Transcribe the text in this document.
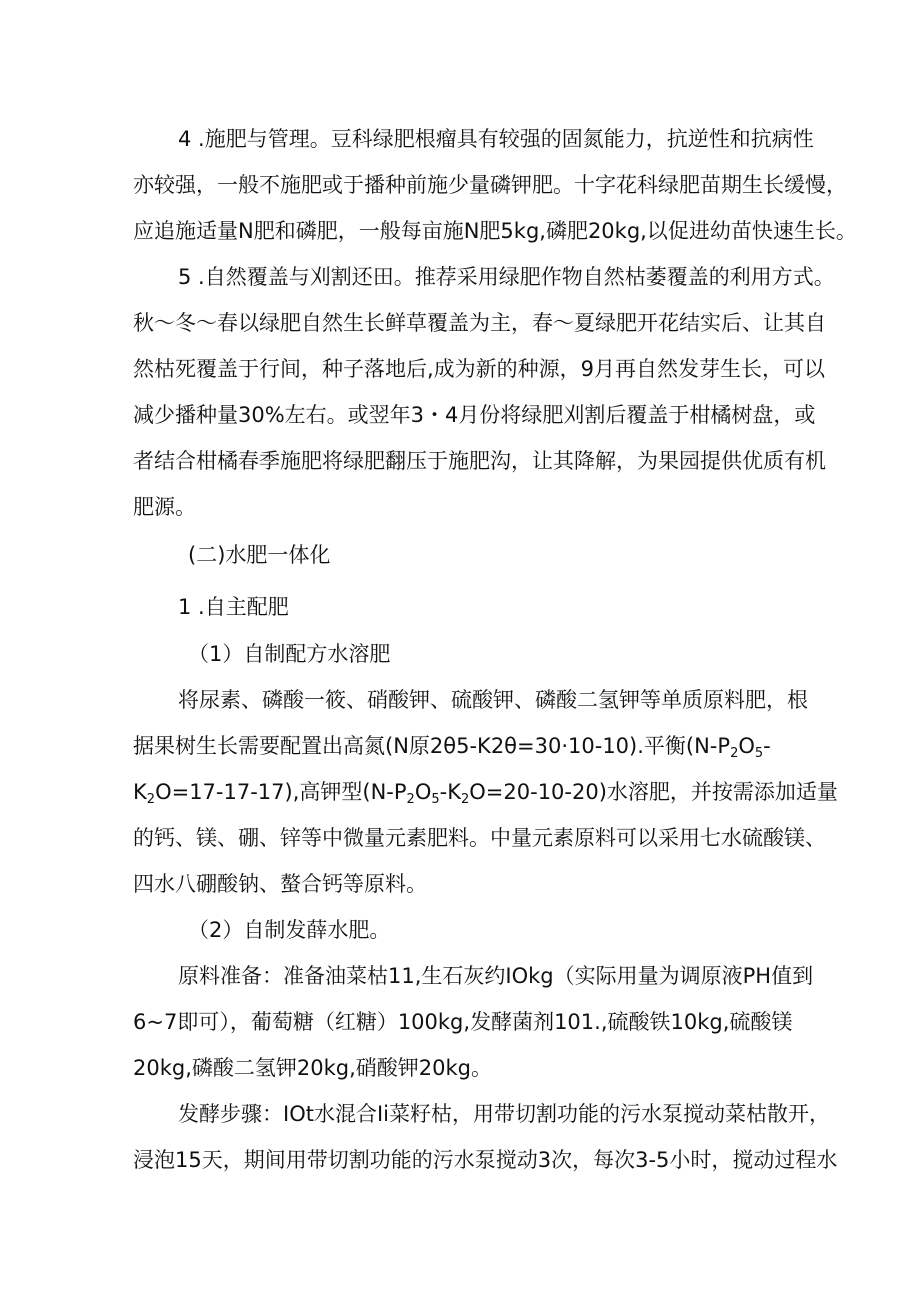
4 .施肥与管理。豆科绿肥根瘤具有较强的固氮能力，抗逆性和抗病性
亦较强，一般不施肥或于播种前施少量磷钾肥。十字花科绿肥苗期生长缓慢，
应追施适量N肥和磷肥，一般每亩施N肥5kg,磷肥20kg,以促进幼苗快速生长。
5 .自然覆盖与刈割还田。推荐采用绿肥作物自然枯萎覆盖的利用方式。
秋〜冬〜春以绿肥自然生长鲜草覆盖为主，春〜夏绿肥开花结实后、让其自
然枯死覆盖于行间，种子落地后,成为新的种源，9月再自然发芽生长，可以
减少播种量30%左右。或翌年3・4月份将绿肥刈割后覆盖于柑橘树盘，或
者结合柑橘春季施肥将绿肥翻压于施肥沟，让其降解，为果园提供优质有机
肥源。
(二)水肥一体化
1 .自主配肥
（1）自制配方水溶肥
将尿素、磷酸一筱、硝酸钾、硫酸钾、磷酸二氢钾等单质原料肥，根
据果树生长需要配置出高氮(N原2θ5-K2θ=30·10-10).平衡($N-P_2O_5-$
$K_2O=17-17-17$),高钾型$(N-P_2O_5-K_2O=20-10-20)$水溶肥，并按需添加适量
的钙、镁、硼、锌等中微量元素肥料。中量元素原料可以采用七水硫酸镁、
四水八硼酸钠、螯合钙等原料。
（2）自制发薛水肥。
原料准备：准备油菜枯11,生石灰约IOkg（实际用量为调原液PH值到
6~7即可），葡萄糖（红糖）100kg,发酵菌剂101.,硫酸铁10kg,硫酸镁
20kg,磷酸二氢钾20kg,硝酸钾20kg。
发酵步骤：IOt水混合Ii菜籽枯，用带切割功能的污水泵搅动菜枯散开，
浸泡15天，期间用带切割功能的污水泵搅动3次，每次3-5小时，搅动过程水
